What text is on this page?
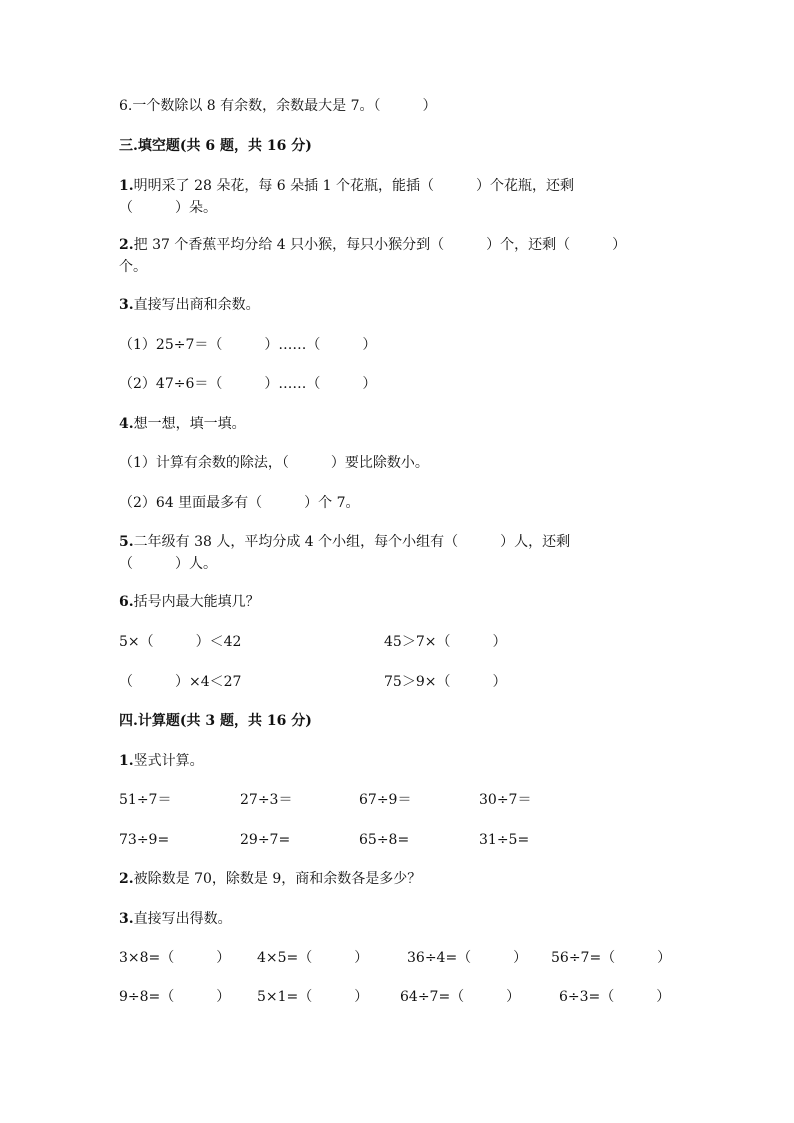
6.一个数除以 8 有余数，余数最大是 7。（　　　）
三.填空题(共 6 题，共 16 分)
1.明明采了 28 朵花，每 6 朵插 1 个花瓶，能插（　　　）个花瓶，还剩
（　　　）朵。
2.把 37 个香蕉平均分给 4 只小猴，每只小猴分到（　　　）个，还剩（　　　）
个。
3.直接写出商和余数。
（1）25÷7＝（　　　）……（　　　）
（2）47÷6＝（　　　）……（　　　）
4.想一想，填一填。
（1）计算有余数的除法，（　　　）要比除数小。
（2）64 里面最多有（　　　）个 7。
5.二年级有 38 人，平均分成 4 个小组，每个小组有（　　　）人，还剩
（　　　）人。
6.括号内最大能填几？
5×（　　　）＜42	45＞7×（　　　）
（　　　）×4＜27	75＞9×（　　　）
四.计算题(共 3 题，共 16 分)
1.竖式计算。
51÷7＝	27÷3＝	67÷9＝	30÷7＝
73÷9=	29÷7=	65÷8=	31÷5=
2.被除数是 70，除数是 9，商和余数各是多少？
3.直接写出得数。
3×8=（　　　） 4×5=（　　　）	36÷4=（　　　） 56÷7=（　　　）
9÷8=（　　　） 5×1=（　　　） 64÷7=（　　　）	6÷3=（　　　）
